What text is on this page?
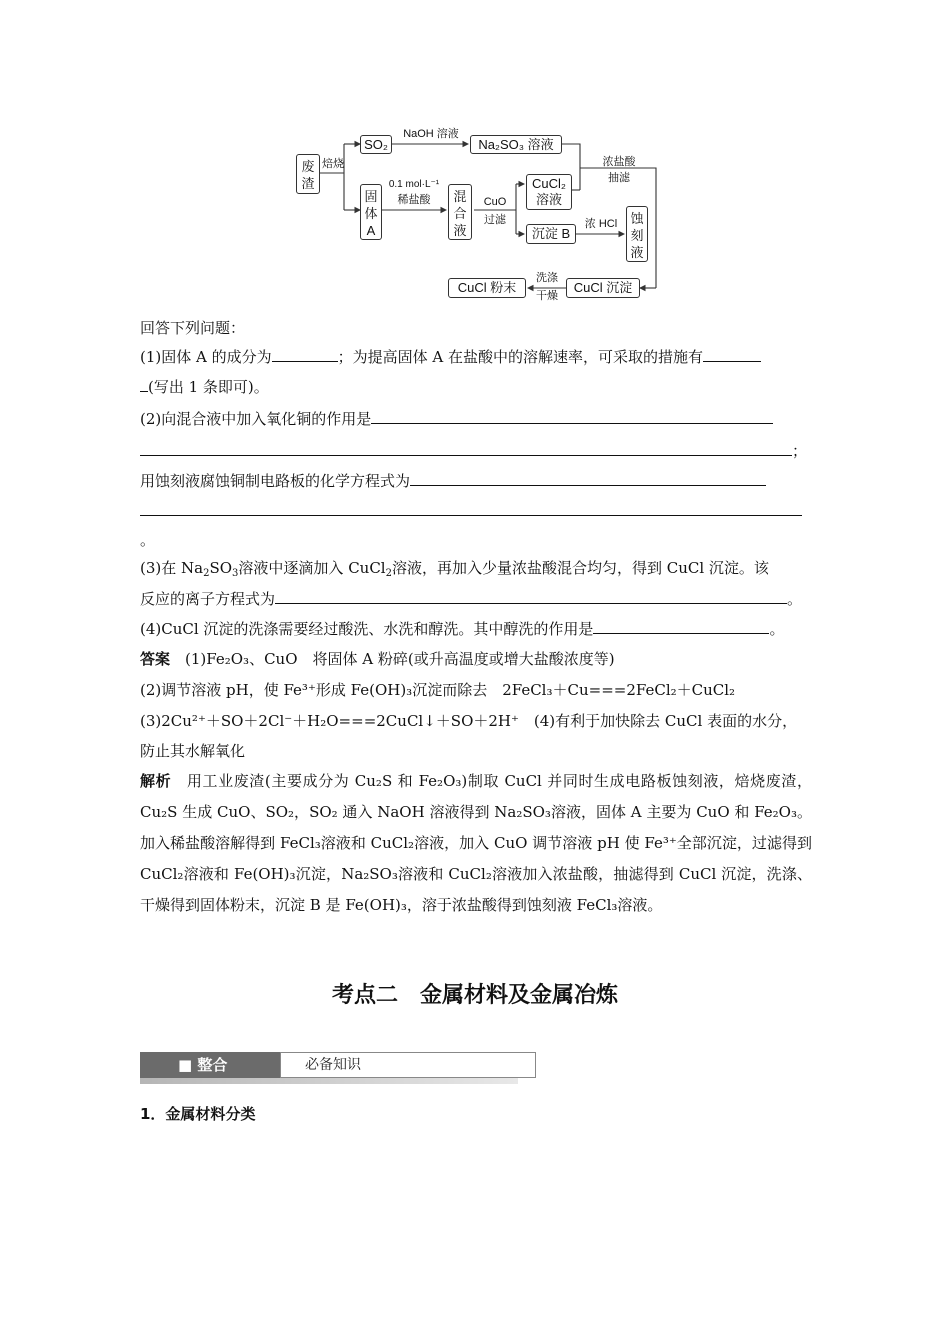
废渣
焙烧
SO₂
NaOH 溶液
Na₂SO₃ 溶液
浓盐酸
抽滤
固体A
0.1 mol·L⁻¹
稀盐酸	混合液
CuO
过滤
CuCl₂
溶液
沉淀 B
浓 HCl	蚀刻液
CuCl 沉淀
洗涤
干燥
CuCl 粉末
回答下列问题：
(1)固体 A 的成分为	；为提高固体 A 在盐酸中的溶解速率，可采取的措施有
(写出 1 条即可)。
(2)向混合液中加入氧化铜的作用是
；
用蚀刻液腐蚀铜制电路板的化学方程式为
。
(3)在 $Na_2SO_3$溶液中逐滴加入 CuCl$_2$溶液，再加入少量浓盐酸混合均匀，得到 CuCl 沉淀。该
反应的离子方程式为	。
(4)CuCl 沉淀的洗涤需要经过酸洗、水洗和醇洗。其中醇洗的作用是	。
答案　 (1)Fe₂O₃、CuO　将固体 A 粉碎(或升高温度或增大盐酸浓度等)
(2)调节溶液 pH，使 Fe³⁺形成 Fe(OH)₃沉淀而除去　2FeCl₃＋Cu===2FeCl₂＋CuCl₂
(3)2Cu²⁺＋SO＋2Cl⁻＋H₂O===2CuCl↓＋SO＋2H⁺　(4)有利于加快除去 CuCl 表面的水分，
防止其水解氧化
解析　 用工业废渣(主要成分为 Cu₂S 和 Fe₂O₃)制取 CuCl 并同时生成电路板蚀刻液，焙烧废渣，Cu₂S 生成 CuO、SO₂，SO₂ 通入 NaOH 溶液得到 Na₂SO₃溶液，固体 A 主要为 CuO 和 Fe₂O₃。加入稀盐酸溶解得到 FeCl₃溶液和 CuCl₂溶液，加入 CuO 调节溶液 pH 使 Fe³⁺全部沉淀，过滤得到 CuCl₂溶液和 Fe(OH)₃沉淀，Na₂SO₃溶液和 CuCl₂溶液加入浓盐酸，抽滤得到 CuCl 沉淀，洗涤、干燥得到固体粉末，沉淀 B 是 Fe(OH)₃，溶于浓盐酸得到蚀刻液 FeCl₃溶液。
考点二　金属材料及金属冶炼
■ 整合	必备知识
1．金属材料分类
